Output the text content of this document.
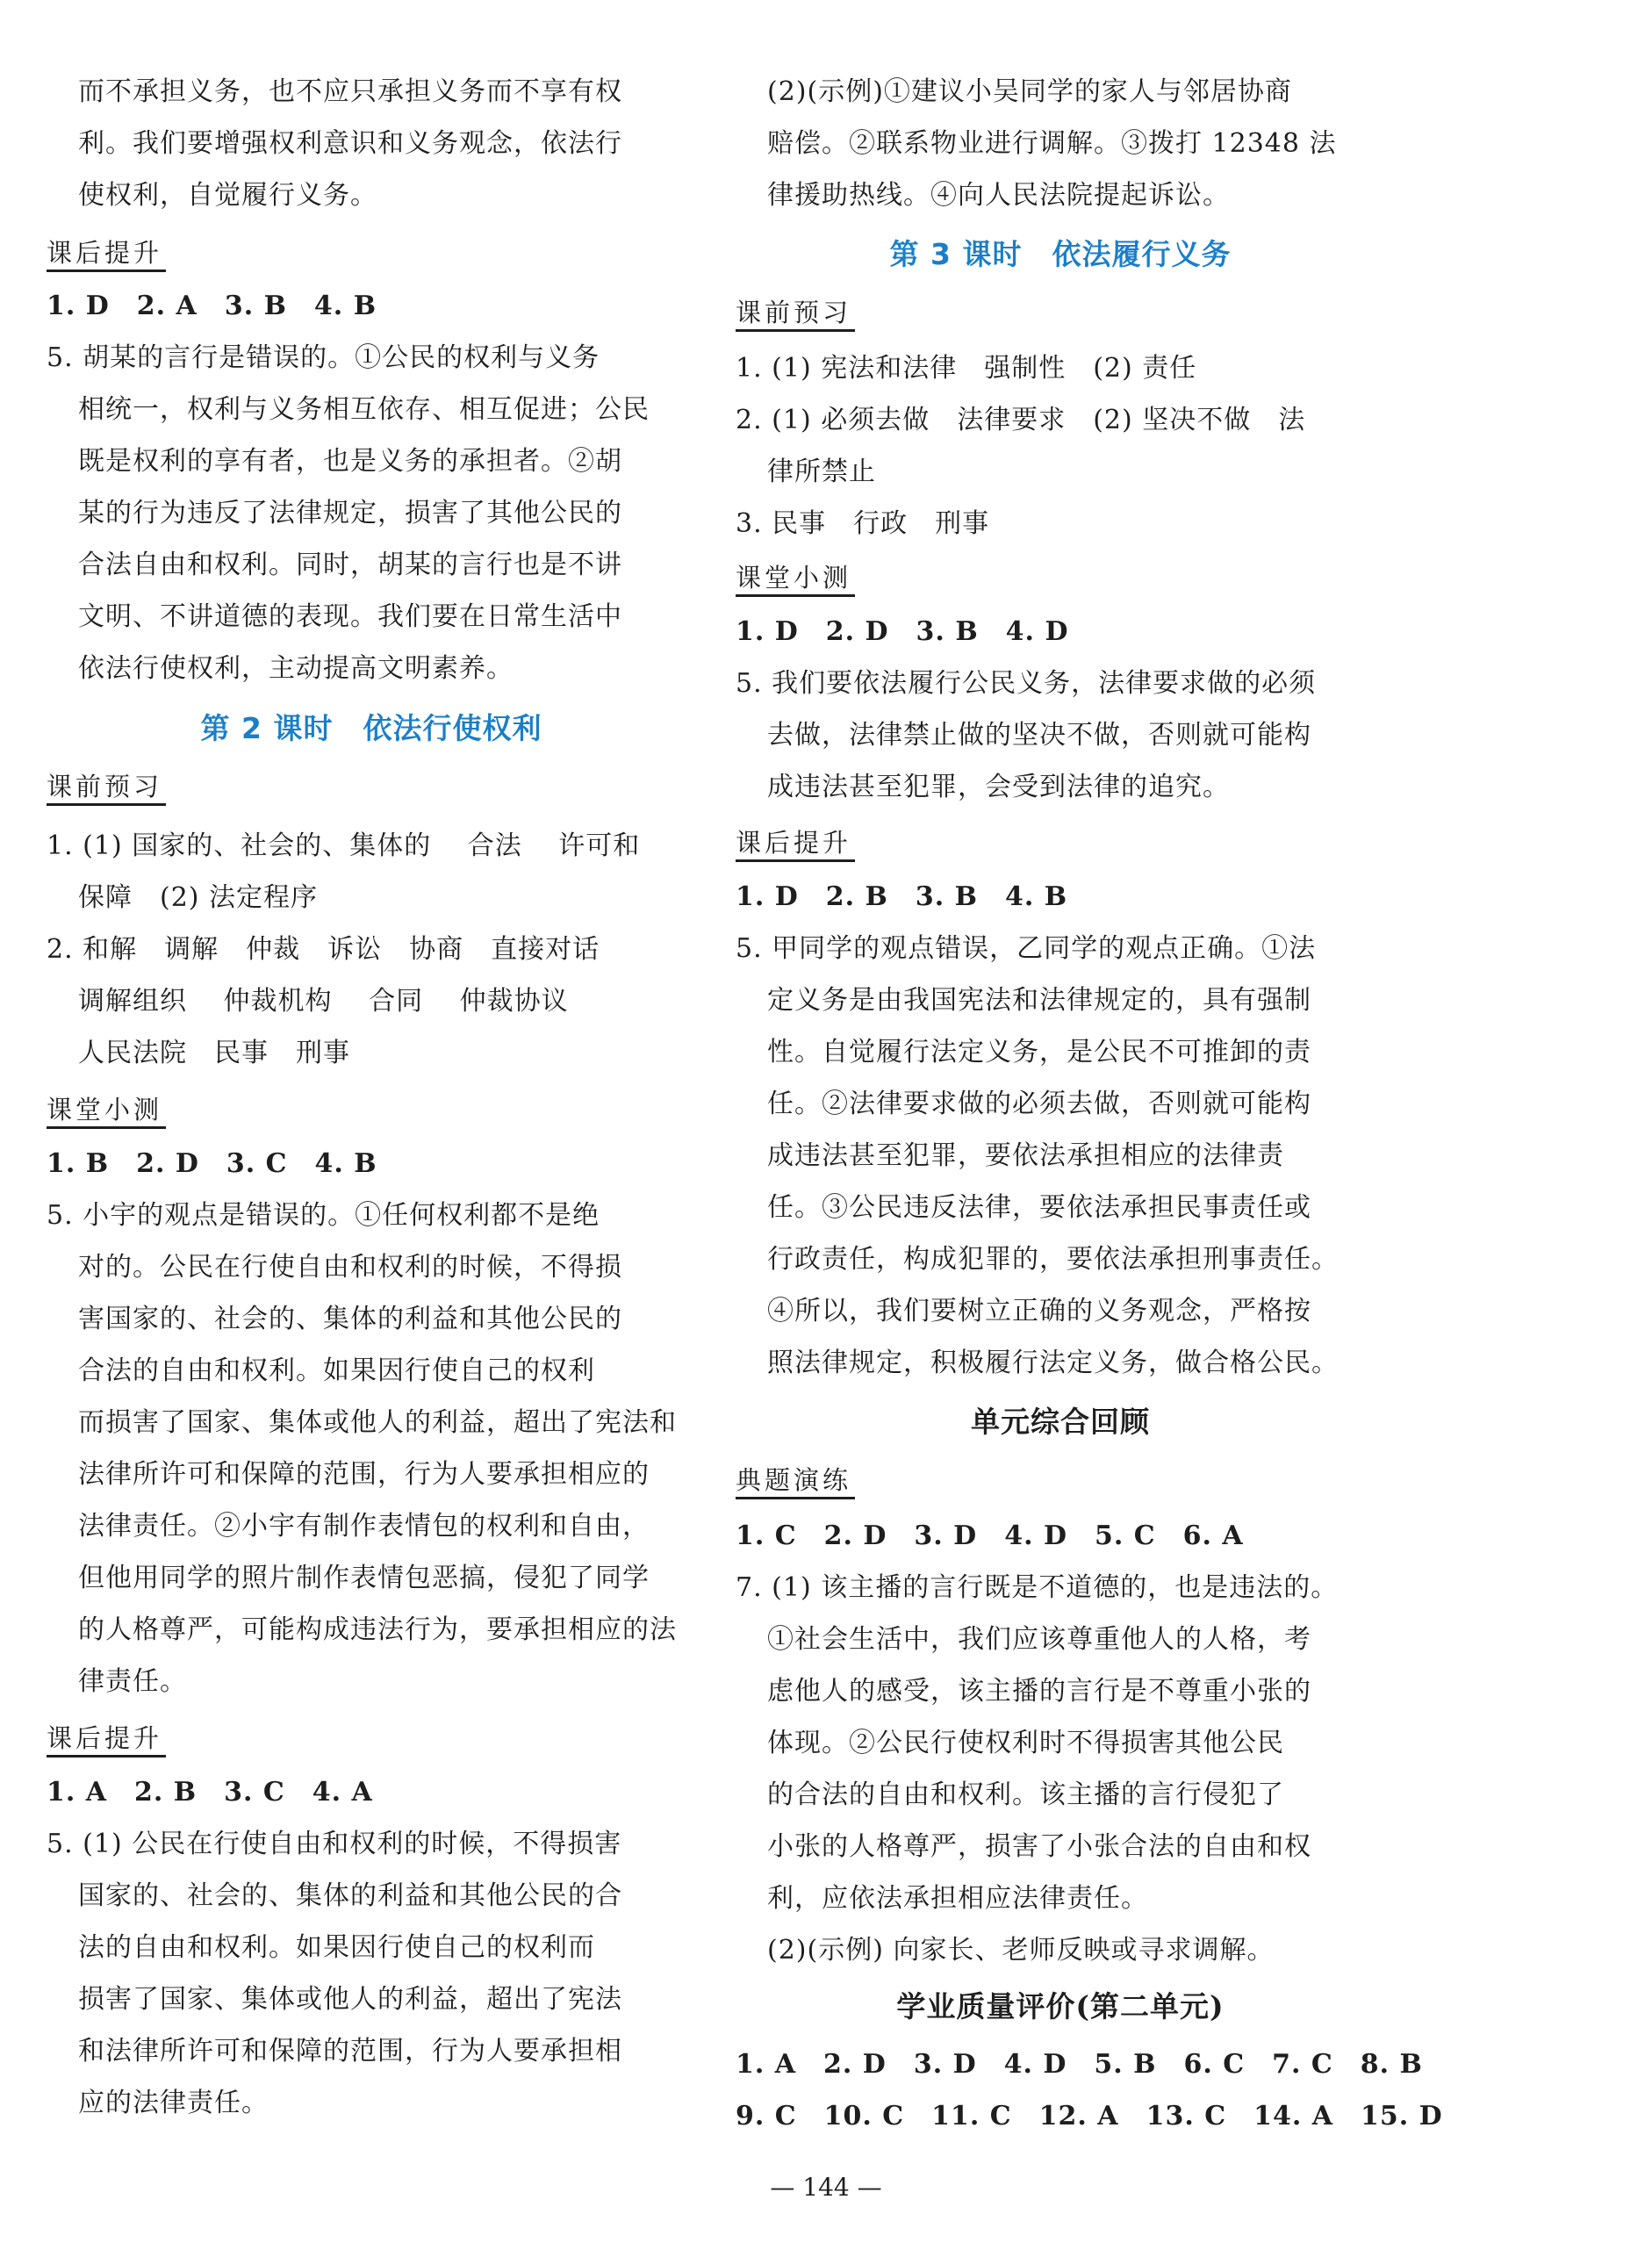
而不承担义务，也不应只承担义务而不享有权
利。我们要增强权利意识和义务观念，依法行
使权利，自觉履行义务。
课后提升
1. D　2. A　3. B　4. B
5. 胡某的言行是错误的。①公民的权利与义务
相统一，权利与义务相互依存、相互促进；公民
既是权利的享有者，也是义务的承担者。②胡
某的行为违反了法律规定，损害了其他公民的
合法自由和权利。同时，胡某的言行也是不讲
文明、不讲道德的表现。我们要在日常生活中
依法行使权利，主动提高文明素养。
第 2 课时　依法行使权利
课前预习
1. (1) 国家的、社会的、集体的　 合法　 许可和
保障　(2) 法定程序
2. 和解　调解　仲裁　诉讼　协商　直接对话
调解组织　 仲裁机构　 合同　 仲裁协议
人民法院　民事　刑事
课堂小测
1. B　2. D　3. C　4. B
5. 小宇的观点是错误的。①任何权利都不是绝
对的。公民在行使自由和权利的时候，不得损
害国家的、社会的、集体的利益和其他公民的
合法的自由和权利。如果因行使自己的权利
而损害了国家、集体或他人的利益，超出了宪法和
法律所许可和保障的范围，行为人要承担相应的
法律责任。②小宇有制作表情包的权利和自由，
但他用同学的照片制作表情包恶搞，侵犯了同学
的人格尊严，可能构成违法行为，要承担相应的法
律责任。
课后提升
1. A　2. B　3. C　4. A
5. (1) 公民在行使自由和权利的时候，不得损害
国家的、社会的、集体的利益和其他公民的合
法的自由和权利。如果因行使自己的权利而
损害了国家、集体或他人的利益，超出了宪法
和法律所许可和保障的范围，行为人要承担相
应的法律责任。
(2)(示例)①建议小吴同学的家人与邻居协商
赔偿。②联系物业进行调解。③拨打 12348 法
律援助热线。④向人民法院提起诉讼。
第 3 课时　依法履行义务
课前预习
1. (1) 宪法和法律　强制性　(2) 责任
2. (1) 必须去做　法律要求　(2) 坚决不做　法
律所禁止
3. 民事　行政　刑事
课堂小测
1. D　2. D　3. B　4. D
5. 我们要依法履行公民义务，法律要求做的必须
去做，法律禁止做的坚决不做，否则就可能构
成违法甚至犯罪，会受到法律的追究。
课后提升
1. D　2. B　3. B　4. B
5. 甲同学的观点错误，乙同学的观点正确。①法
定义务是由我国宪法和法律规定的，具有强制
性。自觉履行法定义务，是公民不可推卸的责
任。②法律要求做的必须去做，否则就可能构
成违法甚至犯罪，要依法承担相应的法律责
任。③公民违反法律，要依法承担民事责任或
行政责任，构成犯罪的，要依法承担刑事责任。
④所以，我们要树立正确的义务观念，严格按
照法律规定，积极履行法定义务，做合格公民。
单元综合回顾
典题演练
1. C　2. D　3. D　4. D　5. C　6. A
7. (1) 该主播的言行既是不道德的，也是违法的。
①社会生活中，我们应该尊重他人的人格，考
虑他人的感受，该主播的言行是不尊重小张的
体现。②公民行使权利时不得损害其他公民
的合法的自由和权利。该主播的言行侵犯了
小张的人格尊严，损害了小张合法的自由和权
利，应依法承担相应法律责任。
(2)(示例) 向家长、老师反映或寻求调解。
学业质量评价(第二单元)
1. A　2. D　3. D　4. D　5. B　6. C　7. C　8. B
9. C　10. C　11. C　12. A　13. C　14. A　15. D
— 144 —
